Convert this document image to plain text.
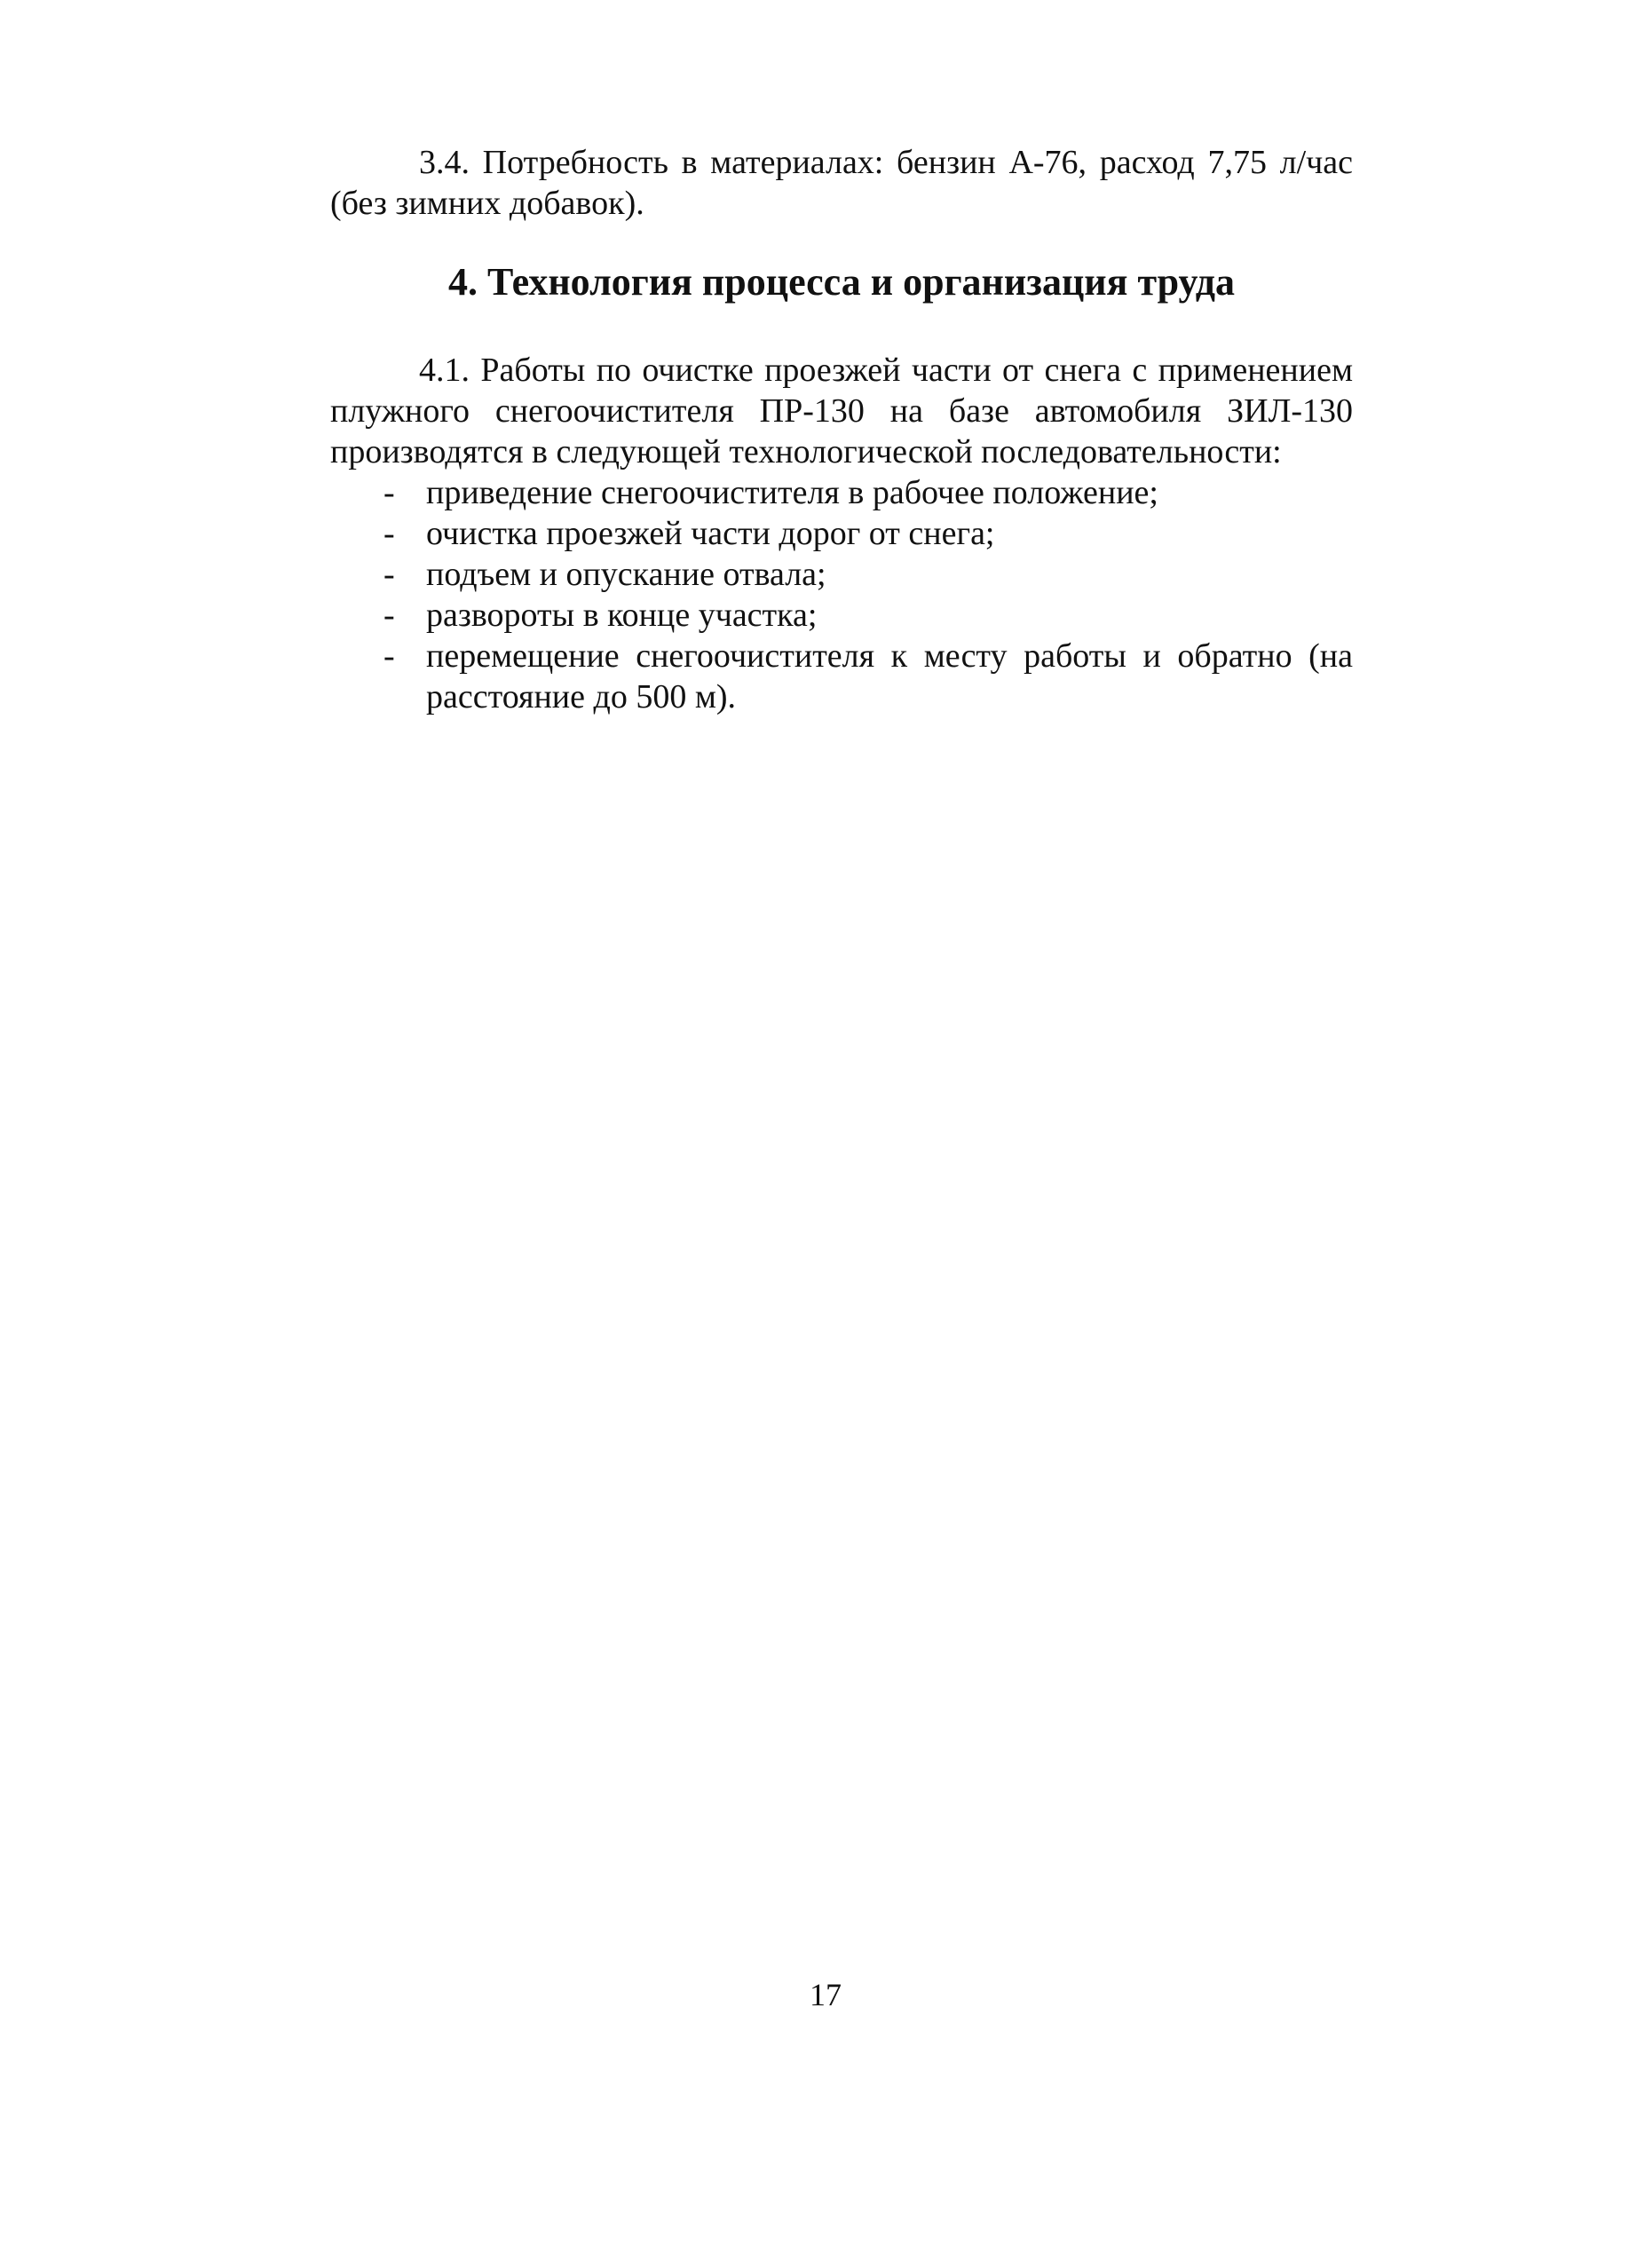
3.4. Потребность в материалах: бензин А-76, расход 7,75 л/час (без зимних добавок).

4. Технология процесса и организация труда

4.1. Работы по очистке проезжей части от снега с применением плужного снегоочистителя ПР-130 на базе автомобиля ЗИЛ-130 производятся в следующей технологической последовательности:

- приведение снегоочистителя в рабочее положение;
- очистка проезжей части дорог от снега;
- подъем и опускание отвала;
- развороты в конце участка;
- перемещение снегоочистителя к месту работы и обратно (на расстояние до 500 м).
17
